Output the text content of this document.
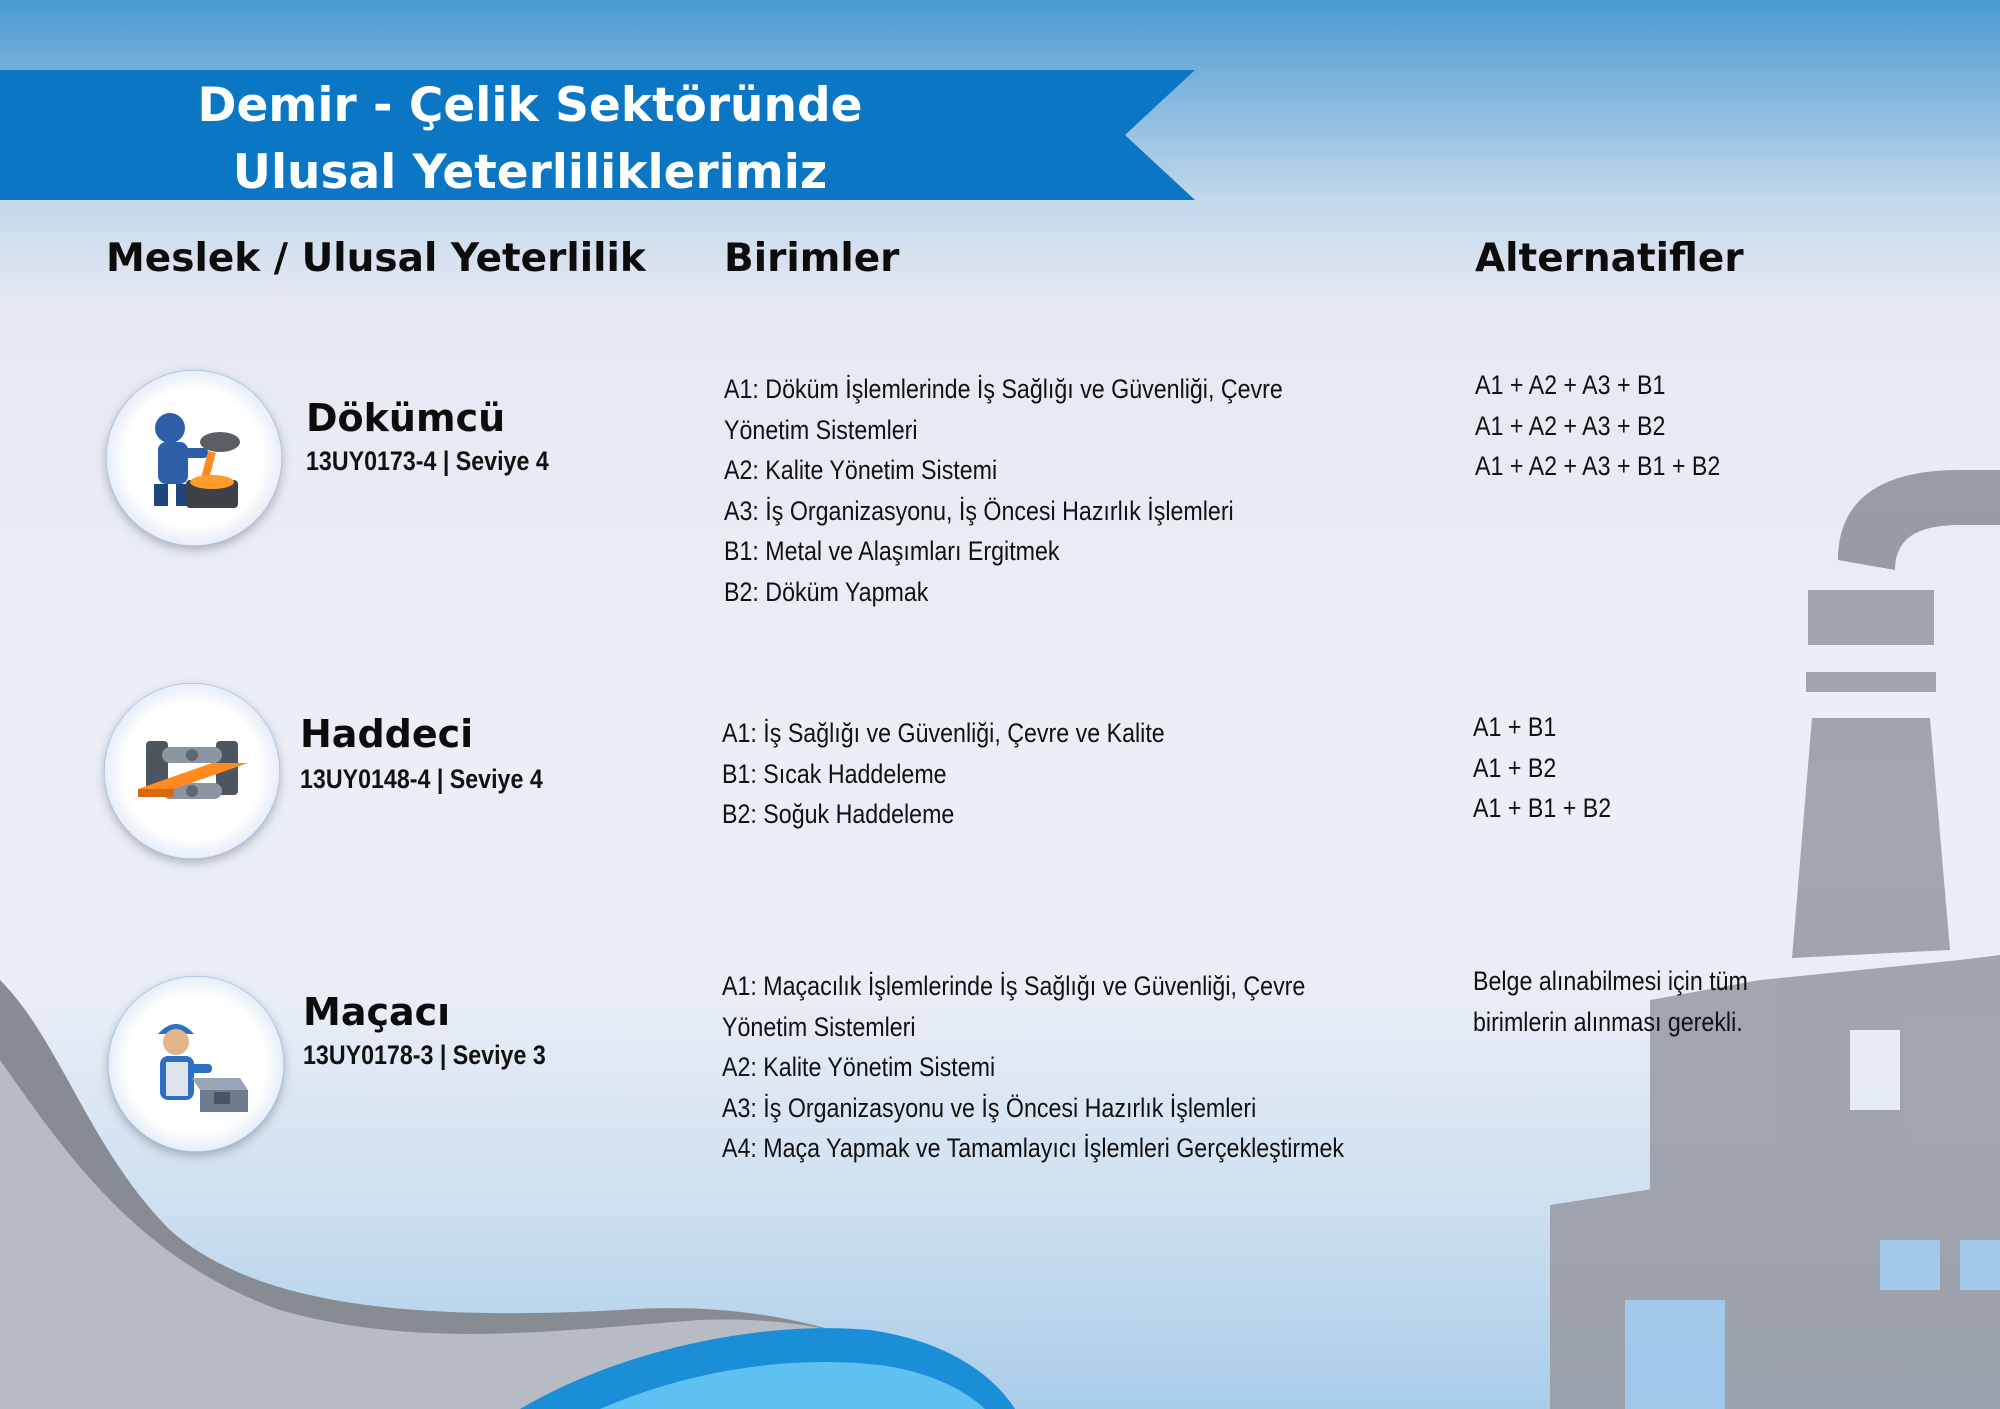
Demir - Çelik Sektöründe
Ulusal Yeterliliklerimiz
Meslek / Ulusal Yeterlilik Birimler	Alternatifler
Dökümcü
13UY0173-4 | Seviye 4
A1: Döküm İşlemlerinde İş Sağlığı ve Güvenliği, Çevre
Yönetim Sistemleri
A2: Kalite Yönetim Sistemi
A3: İş Organizasyonu, İş Öncesi Hazırlık İşlemleri
B1: Metal ve Alaşımları Ergitmek
B2: Döküm Yapmak
A1 + A2 + A3 + B1
A1 + A2 + A3 + B2
A1 + A2 + A3 + B1 + B2
Haddeci
13UY0148-4 | Seviye 4
A1: İş Sağlığı ve Güvenliği, Çevre ve Kalite
B1: Sıcak Haddeleme
B2: Soğuk Haddeleme
A1 + B1
A1 + B2
A1 + B1 + B2
Maçacı
13UY0178-3 | Seviye 3
A1: Maçacılık İşlemlerinde İş Sağlığı ve Güvenliği, Çevre
Yönetim Sistemleri
A2: Kalite Yönetim Sistemi
A3: İş Organizasyonu ve İş Öncesi Hazırlık İşlemleri
A4: Maça Yapmak ve Tamamlayıcı İşlemleri Gerçekleştirmek
Belge alınabilmesi için tüm
birimlerin alınması gerekli.
